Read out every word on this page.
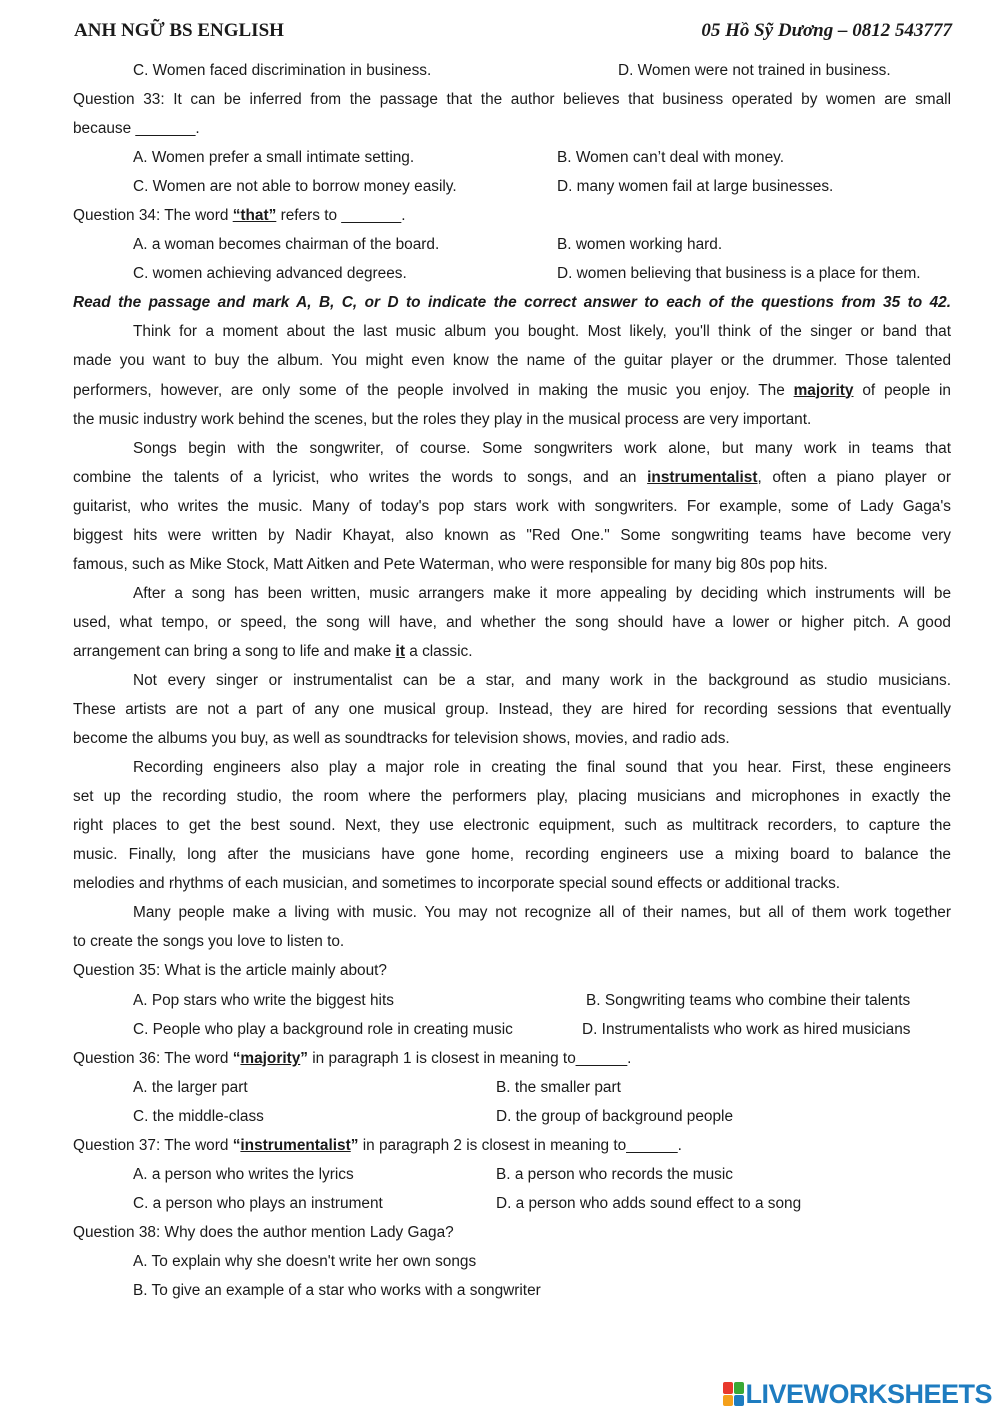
ANH NGỮ BS ENGLISH	05 Hồ Sỹ Dương – 0812 543777
C. Women faced discrimination in business.	D. Women were not trained in business.
Question 33: It can be inferred from the passage that the author believes that business operated by women are small
because _______.
A. Women prefer a small intimate setting.	B. Women can’t deal with money.
C. Women are not able to borrow money easily.	D. many women fail at large businesses.
Question 34: The word “that” refers to _______.
A. a woman becomes chairman of the board.	B. women working hard.
C. women achieving advanced degrees.	D. women believing that business is a place for them.
Read the passage and mark A, B, C, or D to indicate the correct answer to each of the questions from 35 to 42.
Think for a moment about the last music album you bought. Most likely, you'll think of the singer or band that
made you want to buy the album. You might even know the name of the guitar player or the drummer. Those talented
performers, however, are only some of the people involved in making the music you enjoy. The majority of people in
the music industry work behind the scenes, but the roles they play in the musical process are very important.
Songs begin with the songwriter, of course. Some songwriters work alone, but many work in teams that
combine the talents of a lyricist, who writes the words to songs, and an instrumentalist, often a piano player or
guitarist, who writes the music. Many of today's pop stars work with songwriters. For example, some of Lady Gaga's
biggest hits were written by Nadir Khayat, also known as "Red One." Some songwriting teams have become very
famous, such as Mike Stock, Matt Aitken and Pete Waterman, who were responsible for many big 80s pop hits.
After a song has been written, music arrangers make it more appealing by deciding which instruments will be
used, what tempo, or speed, the song will have, and whether the song should have a lower or higher pitch. A good
arrangement can bring a song to life and make it a classic.
Not every singer or instrumentalist can be a star, and many work in the background as studio musicians.
These artists are not a part of any one musical group. Instead, they are hired for recording sessions that eventually
become the albums you buy, as well as soundtracks for television shows, movies, and radio ads.
Recording engineers also play a major role in creating the final sound that you hear. First, these engineers
set up the recording studio, the room where the performers play, placing musicians and microphones in exactly the
right places to get the best sound. Next, they use electronic equipment, such as multitrack recorders, to capture the
music. Finally, long after the musicians have gone home, recording engineers use a mixing board to balance the
melodies and rhythms of each musician, and sometimes to incorporate special sound effects or additional tracks.
Many people make a living with music. You may not recognize all of their names, but all of them work together
to create the songs you love to listen to.
Question 35: What is the article mainly about?
A. Pop stars who write the biggest hits	B. Songwriting teams who combine their talents
C. People who play a background role in creating music	D. Instrumentalists who work as hired musicians
Question 36: The word “majority” in paragraph 1 is closest in meaning to______.
A. the larger part	B. the smaller part
C. the middle-class	D. the group of background people
Question 37: The word “instrumentalist” in paragraph 2 is closest in meaning to______.
A. a person who writes the lyrics	B. a person who records the music
C. a person who plays an instrument	D. a person who adds sound effect to a song
Question 38: Why does the author mention Lady Gaga?
A. To explain why she doesn't write her own songs
B. To give an example of a star who works with a songwriter
LIVEWORKSHEETS
